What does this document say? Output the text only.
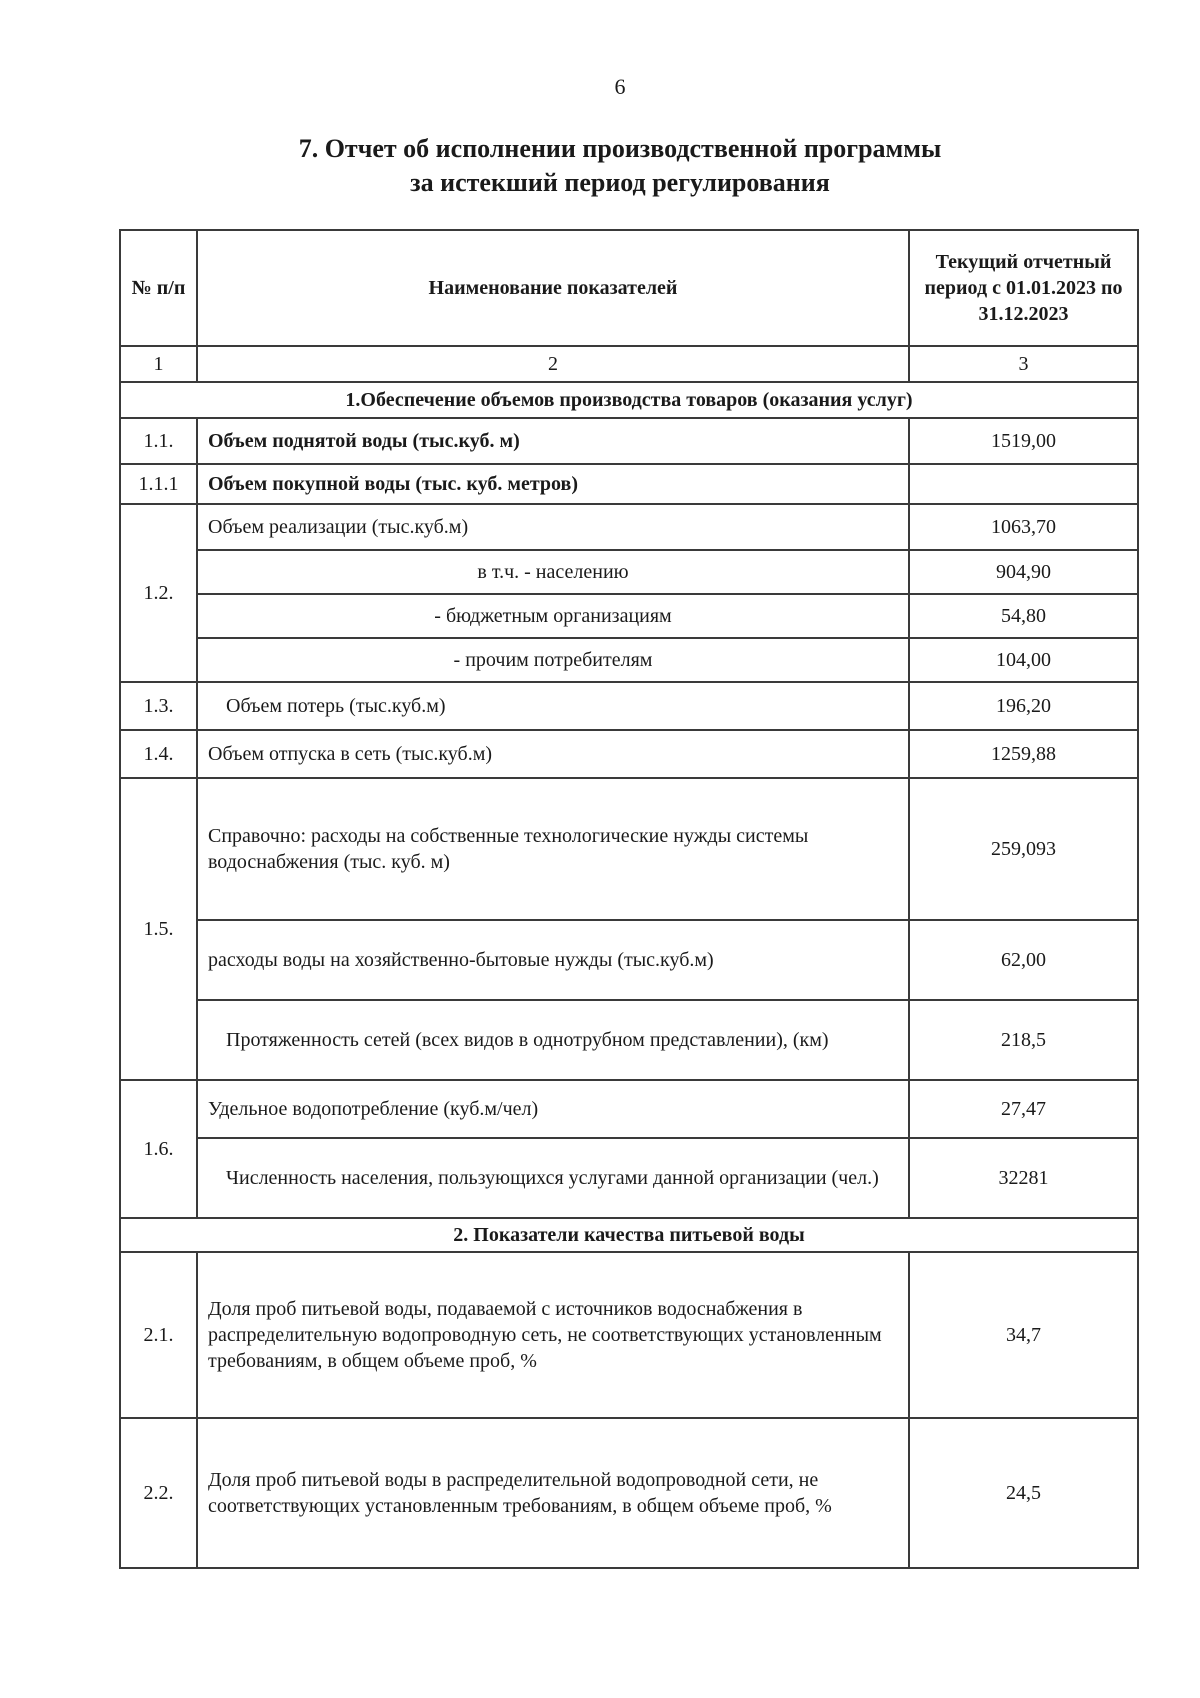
6
7. Отчет об исполнении производственной программы
за истекший период регулирования
№ п/п	Наименование показателей	Текущий отчетный период с 01.01.2023 по 31.12.2023
1	2	3
1.Обеспечение объемов производства товаров (оказания услуг)		
1.1.	Объем поднятой воды (тыс.куб. м)	1519,00
1.1.1	Объем покупной воды (тыс. куб. метров)	
1.2.	Объем реализации (тыс.куб.м)	1063,70
	в т.ч. - населению	904,90
	- бюджетным организациям	54,80
	- прочим потребителям	104,00
1.3.	Объем потерь (тыс.куб.м)	196,20
1.4.	Объем отпуска в сеть (тыс.куб.м)	1259,88
1.5.	Справочно: расходы на собственные технологические нужды системы водоснабжения (тыс. куб. м)	259,093
	расходы воды на хозяйственно-бытовые нужды (тыс.куб.м)	62,00
	Протяженность сетей (всех видов в однотрубном представлении), (км)	218,5
1.6.	Удельное водопотребление (куб.м/чел)	27,47
	Численность населения, пользующихся услугами данной организации (чел.)	32281
2. Показатели качества питьевой воды		
2.1.	Доля проб питьевой воды, подаваемой с источников водоснабжения в распределительную водопроводную сеть, не соответствующих установленным требованиям, в общем объеме проб, %	34,7
2.2.	Доля проб питьевой воды в распределительной водопроводной сети, не соответствующих установленным требованиям, в общем объеме проб, %	24,5
